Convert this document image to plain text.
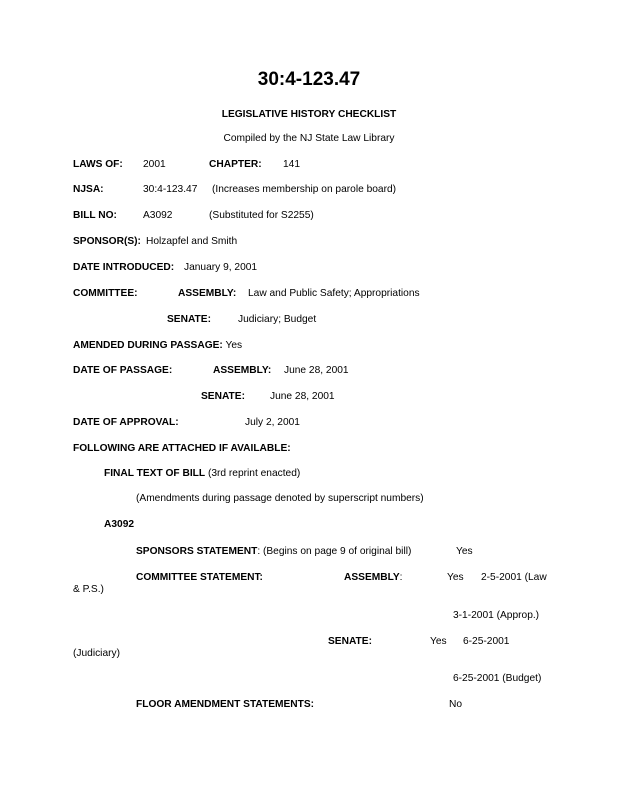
30:4-123.47
LEGISLATIVE HISTORY CHECKLIST
Compiled by the NJ State Law Library
LAWS OF: 2001	CHAPTER: 141
NJSA:	30:4-123.47 (Increases membership on parole board)
BILL NO:	A3092	(Substituted for S2255)
SPONSOR(S): Holzapfel and Smith
DATE INTRODUCED: January 9, 2001
COMMITTEE:	ASSEMBLY: Law and Public Safety; Appropriations
SENATE:	Judiciary; Budget
AMENDED DURING PASSAGE: Yes
DATE OF PASSAGE:	ASSEMBLY: June 28, 2001
SENATE: June 28, 2001
DATE OF APPROVAL:	July 2, 2001
FOLLOWING ARE ATTACHED IF AVAILABLE:
FINAL TEXT OF BILL (3rd reprint enacted)
(Amendments during passage denoted by superscript numbers)
A3092
SPONSORS STATEMENT: (Begins on page 9 of original bill)	Yes
COMMITTEE STATEMENT:	ASSEMBLY:	Yes 2-5-2001 (Law
& P.S.)
3-1-2001 (Approp.)
SENATE:	Yes 6-25-2001
(Judiciary)
6-25-2001 (Budget)
FLOOR AMENDMENT STATEMENTS:	No
